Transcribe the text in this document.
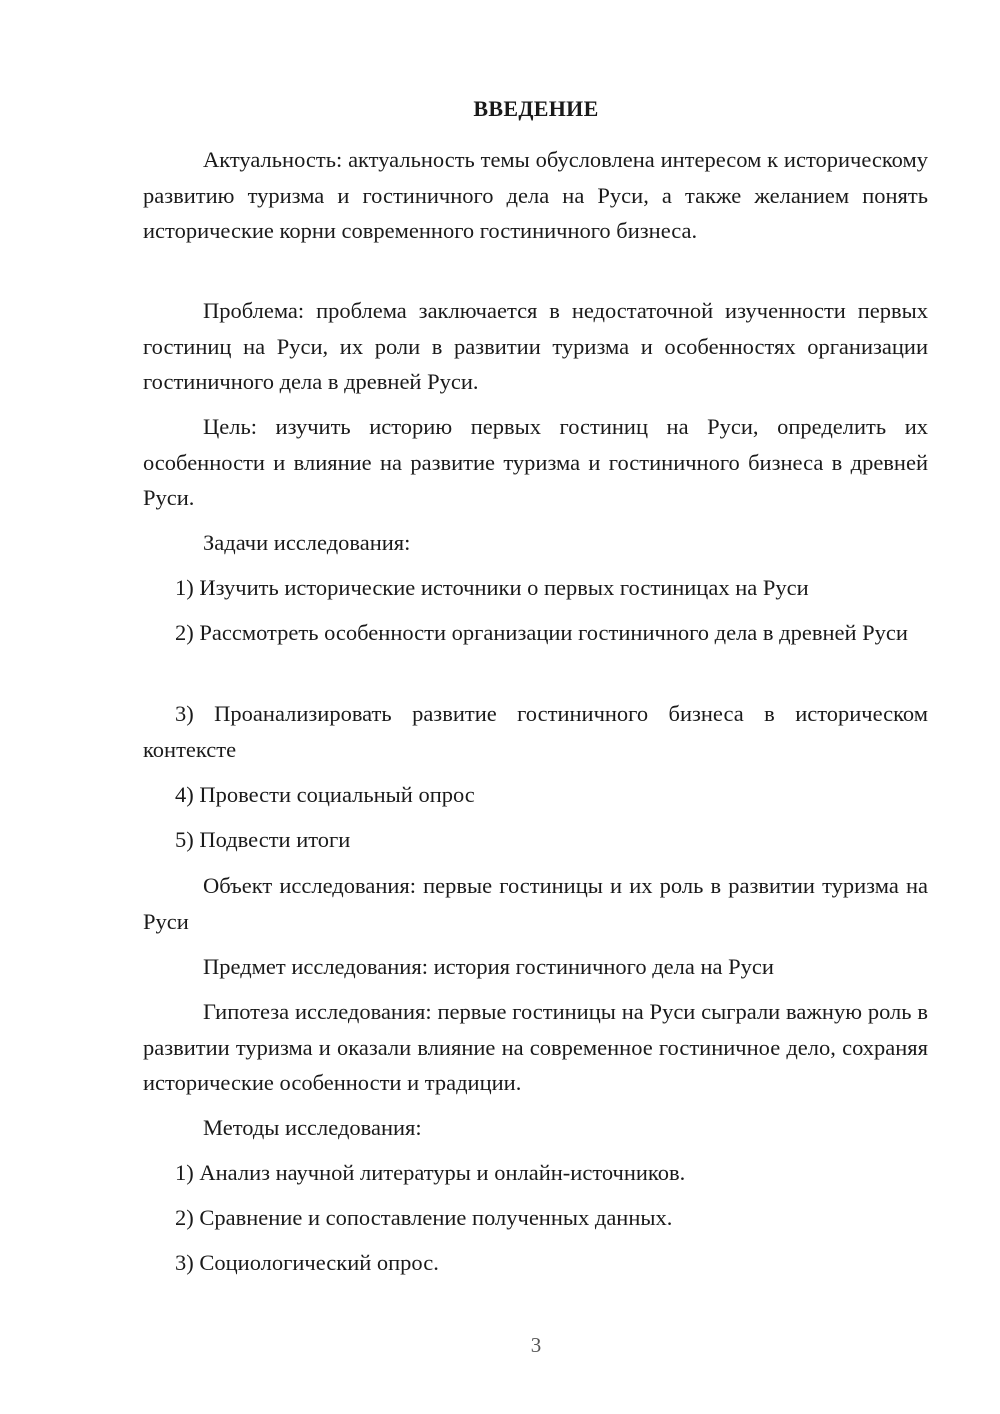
ВВЕДЕНИЕ

Актуальность: актуальность темы обусловлена интересом к историческому развитию туризма и гостиничного дела на Руси, а также желанием понять исторические корни современного гостиничного бизнеса.

Проблема: проблема заключается в недостаточной изученности первых гостиниц на Руси, их роли в развитии туризма и особенностях организации гостиничного дела в древней Руси.

Цель: изучить историю первых гостиниц на Руси, определить их особенности и влияние на развитие туризма и гостиничного бизнеса в древней Руси.

Задачи исследования:

1) Изучить исторические источники о первых гостиницах на Руси

2) Рассмотреть особенности организации гостиничного дела в древней Руси

3) Проанализировать развитие гостиничного бизнеса в историческом контексте

4) Провести социальный опрос

5) Подвести итоги

Объект исследования: первые гостиницы и их роль в развитии туризма на Руси

Предмет исследования: история гостиничного дела на Руси

Гипотеза исследования: первые гостиницы на Руси сыграли важную роль в развитии туризма и оказали влияние на современное гостиничное дело, сохраняя исторические особенности и традиции.

Методы исследования:

1) Анализ научной литературы и онлайн-источников.

2) Сравнение и сопоставление полученных данных.

3) Социологический опрос.

3
